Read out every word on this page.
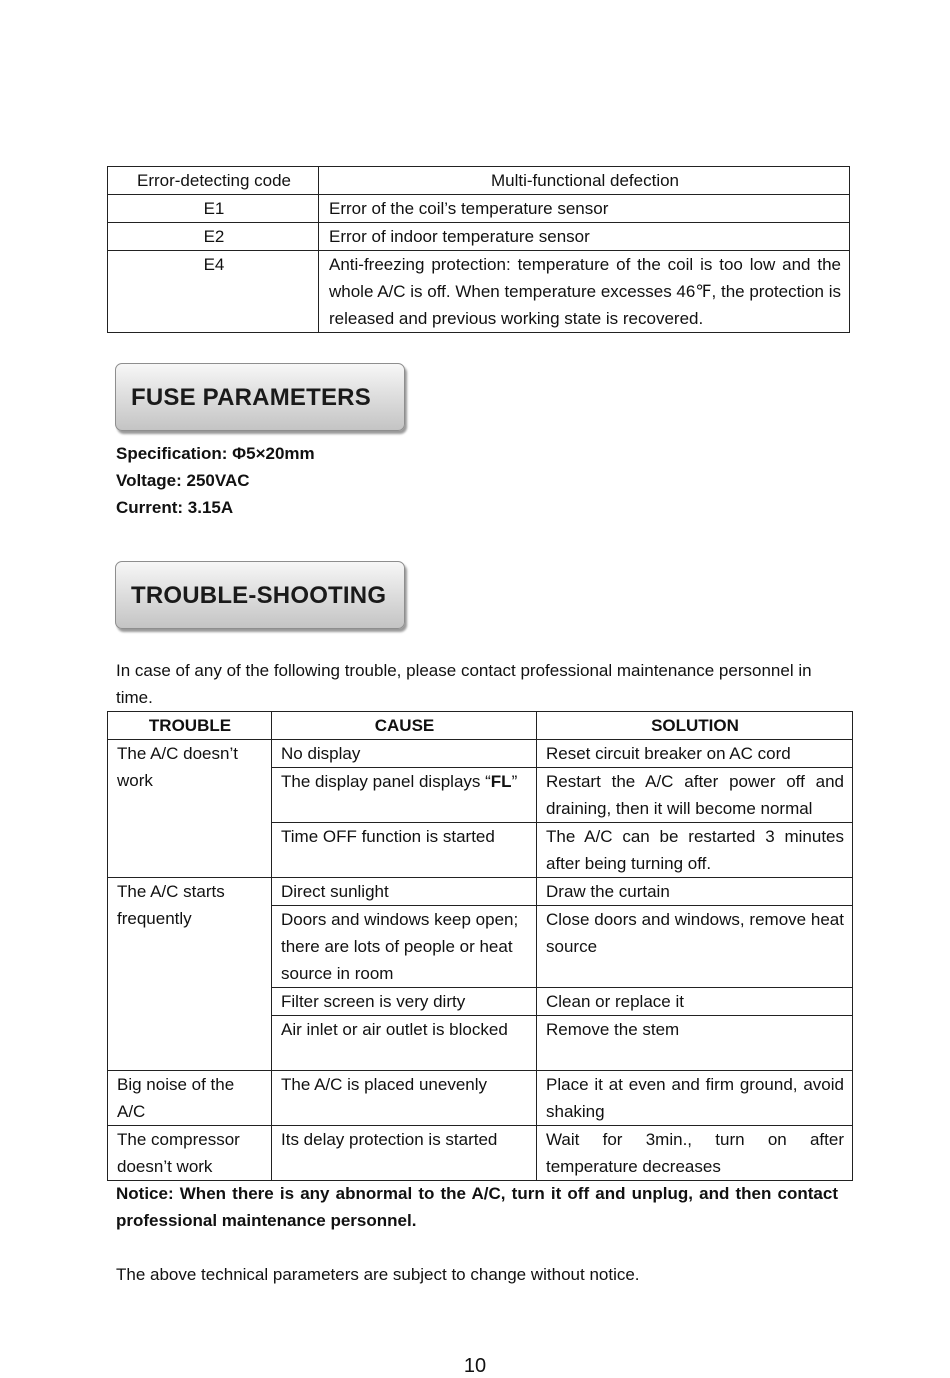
Error-detecting code	Multi-functional defection
E1	Error of the coil’s temperature sensor
E2	Error of indoor temperature sensor
E4	Anti-freezing protection: temperature of the coil is too low and the whole A/C is off. When temperature excesses 46℉, the protection is released and previous working state is recovered.
FUSE PARAMETERS
Specification: Φ5×20mm
Voltage: 250VAC
Current: 3.15A
TROUBLE-SHOOTING
In case of any of the following trouble, please contact professional maintenance personnel in time.
TROUBLE	CAUSE	SOLUTION
The A/C doesn’t work	No display	Reset circuit breaker on AC cord
	The display panel displays “FL”	Restart the A/C after power off and draining, then it will become normal
	Time OFF function is started	The A/C can be restarted 3 minutes after being turning off.
The A/C starts frequently	Direct sunlight	Draw the curtain
	Doors and windows keep open; there are lots of people or heat source in room	Close doors and windows, remove heat source
	Filter screen is very dirty	Clean or replace it
	Air inlet or air outlet is blocked	Remove the stem
Big noise of the A/C	The A/C is placed unevenly	Place it at even and firm ground, avoid shaking
The compressor doesn’t work	Its delay protection is started	Wait for 3min., turn on after temperature decreases
Notice: When there is any abnormal to the A/C, turn it off and unplug, and then contact professional maintenance personnel.
The above technical parameters are subject to change without notice.
10
